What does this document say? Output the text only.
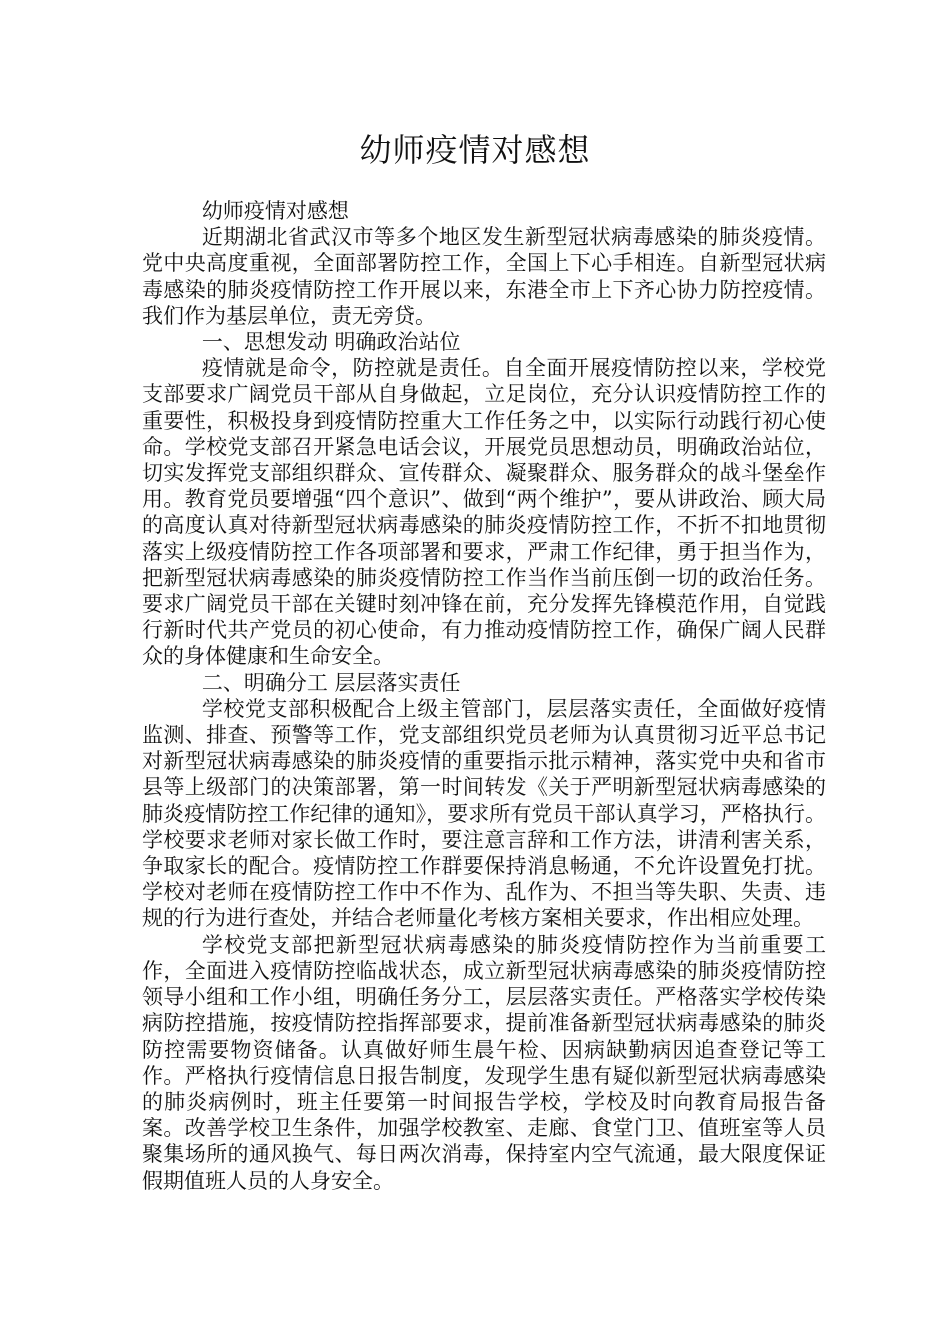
幼师疫情对感想

幼师疫情对感想

近期湖北省武汉市等多个地区发生新型冠状病毒感染的肺炎疫情。党中央高度重视，全面部署防控工作，全国上下心手相连。自新型冠状病毒感染的肺炎疫情防控工作开展以来，东港全市上下齐心协力防控疫情。我们作为基层单位，责无旁贷。

一、思想发动 明确政治站位

疫情就是命令，防控就是责任。自全面开展疫情防控以来，学校党支部要求广阔党员干部从自身做起，立足岗位，充分认识疫情防控工作的重要性，积极投身到疫情防控重大工作任务之中，以实际行动践行初心使命。学校党支部召开紧急电话会议，开展党员思想动员，明确政治站位，切实发挥党支部组织群众、宣传群众、凝聚群众、服务群众的战斗堡垒作用。教育党员要增强“四个意识”、做到“两个维护”，要从讲政治、顾大局的高度认真对待新型冠状病毒感染的肺炎疫情防控工作，不折不扣地贯彻落实上级疫情防控工作各项部署和要求，严肃工作纪律，勇于担当作为，把新型冠状病毒感染的肺炎疫情防控工作当作当前压倒一切的政治任务。要求广阔党员干部在关键时刻冲锋在前，充分发挥先锋模范作用，自觉践行新时代共产党员的初心使命，有力推动疫情防控工作，确保广阔人民群众的身体健康和生命安全。

二、明确分工 层层落实责任

学校党支部积极配合上级主管部门，层层落实责任，全面做好疫情监测、排查、预警等工作，党支部组织党员老师为认真贯彻习近平总书记对新型冠状病毒感染的肺炎疫情的重要指示批示精神，落实党中央和省市县等上级部门的决策部署，第一时间转发《关于严明新型冠状病毒感染的肺炎疫情防控工作纪律的通知》，要求所有党员干部认真学习，严格执行。学校要求老师对家长做工作时，要注意言辞和工作方法，讲清利害关系，争取家长的配合。疫情防控工作群要保持消息畅通，不允许设置免打扰。学校对老师在疫情防控工作中不作为、乱作为、不担当等失职、失责、违规的行为进行查处，并结合老师量化考核方案相关要求，作出相应处理。

学校党支部把新型冠状病毒感染的肺炎疫情防控作为当前重要工作，全面进入疫情防控临战状态，成立新型冠状病毒感染的肺炎疫情防控领导小组和工作小组，明确任务分工，层层落实责任。严格落实学校传染病防控措施，按疫情防控指挥部要求，提前准备新型冠状病毒感染的肺炎防控需要物资储备。认真做好师生晨午检、因病缺勤病因追查登记等工作。严格执行疫情信息日报告制度，发现学生患有疑似新型冠状病毒感染的肺炎病例时，班主任要第一时间报告学校，学校及时向教育局报告备案。改善学校卫生条件，加强学校教室、走廊、食堂门卫、值班室等人员聚集场所的通风换气、每日两次消毒，保持室内空气流通，最大限度保证假期值班人员的人身安全。
